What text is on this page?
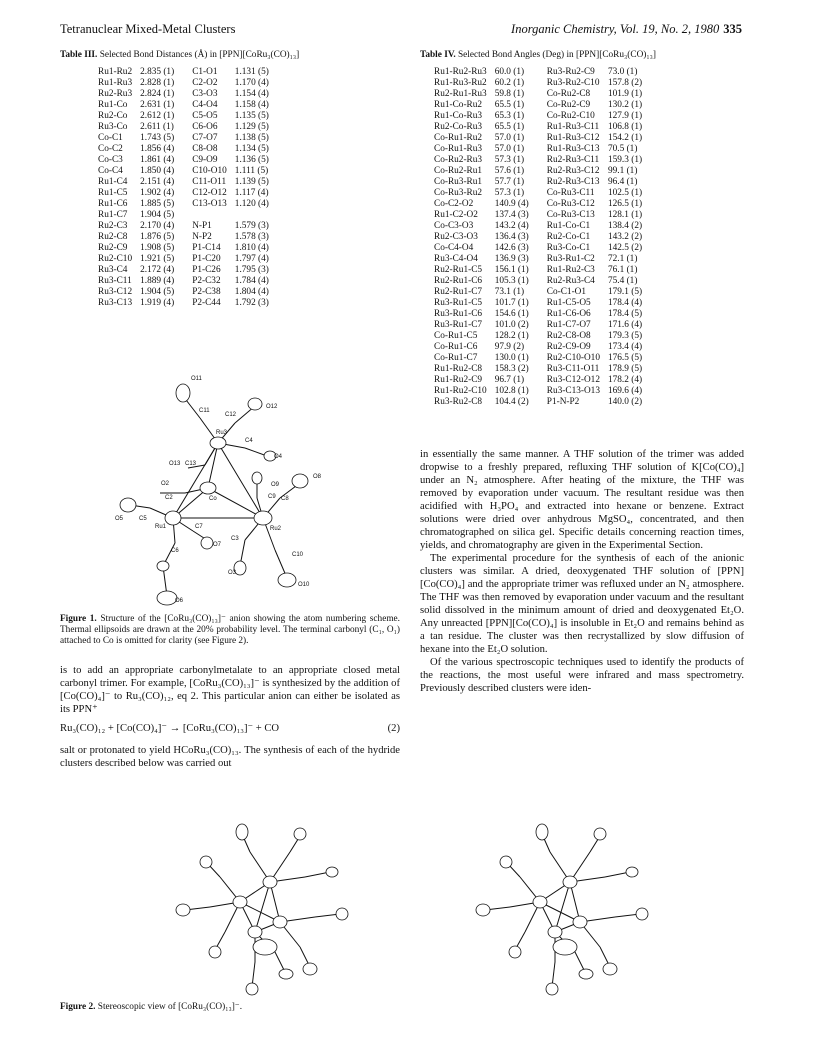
Tetranuclear Mixed-Metal Clusters	Inorganic Chemistry, Vol. 19, No. 2, 1980 335

Table III. Selected Bond Distances (Å) in [PPN][CoRu₃(CO)₁₃]

Ru1-Ru2	2.835 (1)	C1-O1	1.131 (5)
Ru1-Ru3	2.828 (1)	C2-O2	1.170 (4)
Ru2-Ru3	2.824 (1)	C3-O3	1.154 (4)
Ru1-Co	2.631 (1)	C4-O4	1.158 (4)
Ru2-Co	2.612 (1)	C5-O5	1.135 (5)
Ru3-Co	2.611 (1)	C6-O6	1.129 (5)
Co-C1	1.743 (5)	C7-O7	1.138 (5)
Co-C2	1.856 (4)	C8-O8	1.134 (5)
Co-C3	1.861 (4)	C9-O9	1.136 (5)
Co-C4	1.850 (4)	C10-O10	1.111 (5)
Ru1-C4	2.151 (4)	C11-O11	1.139 (5)
Ru1-C5	1.902 (4)	C12-O12	1.117 (4)
Ru1-C6	1.885 (5)	C13-O13	1.120 (4)
Ru1-C7	1.904 (5)		
Ru2-C3	2.170 (4)	N-P1	1.579 (3)
Ru2-C8	1.876 (5)	N-P2	1.578 (3)
Ru2-C9	1.908 (5)	P1-C14	1.810 (4)
Ru2-C10	1.921 (5)	P1-C20	1.797 (4)
Ru3-C4	2.172 (4)	P1-C26	1.795 (3)
Ru3-C11	1.889 (4)	P2-C32	1.784 (4)
Ru3-C12	1.904 (5)	P2-C38	1.804 (4)
Ru3-C13	1.919 (4)	P2-C44	1.792 (3)

Table IV. Selected Bond Angles (Deg) in [PPN][CoRu₃(CO)₁₃]

Ru1-Ru2-Ru3	60.0 (1)	Ru3-Ru2-C9	73.0 (1)
Ru1-Ru3-Ru2	60.2 (1)	Ru3-Ru2-C10	157.8 (2)
Ru2-Ru1-Ru3	59.8 (1)	Co-Ru2-C8	101.9 (1)
Ru1-Co-Ru2	65.5 (1)	Co-Ru2-C9	130.2 (1)
Ru1-Co-Ru3	65.3 (1)	Co-Ru2-C10	127.9 (1)
Ru2-Co-Ru3	65.5 (1)	Ru1-Ru3-C11	106.8 (1)
Co-Ru1-Ru2	57.0 (1)	Ru1-Ru3-C12	154.2 (1)
Co-Ru1-Ru3	57.0 (1)	Ru1-Ru3-C13	70.5 (1)
Co-Ru2-Ru3	57.3 (1)	Ru2-Ru3-C11	159.3 (1)
Co-Ru2-Ru1	57.6 (1)	Ru2-Ru3-C12	99.1 (1)
Co-Ru3-Ru1	57.7 (1)	Ru2-Ru3-C13	96.4 (1)
Co-Ru3-Ru2	57.3 (1)	Co-Ru3-C11	102.5 (1)
Co-C2-O2	140.9 (4)	Co-Ru3-C12	126.5 (1)
Ru1-C2-O2	137.4 (3)	Co-Ru3-C13	128.1 (1)
Co-C3-O3	143.2 (4)	Ru1-Co-C1	138.4 (2)
Ru2-C3-O3	136.4 (3)	Ru2-Co-C1	143.2 (2)
Co-C4-O4	142.6 (3)	Ru3-Co-C1	142.5 (2)
Ru3-C4-O4	136.9 (3)	Ru3-Ru1-C2	72.1 (1)
Ru2-Ru1-C5	156.1 (1)	Ru1-Ru2-C3	76.1 (1)
Ru2-Ru1-C6	105.3 (1)	Ru2-Ru3-C4	75.4 (1)
Ru2-Ru1-C7	73.1 (1)	Co-C1-O1	179.1 (5)
Ru3-Ru1-C5	101.7 (1)	Ru1-C5-O5	178.4 (4)
Ru3-Ru1-C6	154.6 (1)	Ru1-C6-O6	178.4 (5)
Ru3-Ru1-C7	101.0 (2)	Ru1-C7-O7	171.6 (4)
Co-Ru1-C5	128.2 (1)	Ru2-C8-O8	179.3 (5)
Co-Ru1-C6	97.9 (2)	Ru2-C9-O9	173.4 (4)
Co-Ru1-C7	130.0 (1)	Ru2-C10-O10	176.5 (5)
Ru1-Ru2-C8	158.3 (2)	Ru3-C11-O11	178.9 (5)
Ru1-Ru2-C9	96.7 (1)	Ru3-C12-O12	178.2 (4)
Ru1-Ru2-C10	102.8 (1)	Ru3-C13-O13	169.6 (4)
Ru3-Ru2-C8	104.4 (2)	P1-N-P2	140.0 (2)
O11
C11
C12
O12
Ru3
C4
O4
O13 C13
O9
C9 C8
O8
O2
C2	Co
O5	C5
Ru1	Ru2
C7
O7
C3
C10
C6
O3
O10
O6
Figure 1. Structure of the [CoRu₃(CO)₁₃]⁻ anion showing the atom numbering scheme. Thermal ellipsoids are drawn at the 20% probability level. The terminal carbonyl (C₁, O₁) attached to Co is omitted for clarity (see Figure 2).

is to add an appropriate carbonylmetalate to an appropriate closed metal carbonyl trimer. For example, [CoRu₃(CO)₁₃]⁻ is synthesized by the addition of [Co(CO)₄]⁻ to Ru₃(CO)₁₂, eq 2. This particular anion can either be isolated as its PPN⁺

Ru₃(CO)₁₂ + [Co(CO)₄]⁻ → [CoRu₃(CO)₁₃]⁻ + CO	(2)

salt or protonated to yield HCoRu₃(CO)₁₃. The synthesis of each of the hydride clusters described below was carried out

in essentially the same manner. A THF solution of the trimer was added dropwise to a freshly prepared, refluxing THF solution of K[Co(CO)₄] under an N₂ atmosphere. After heating of the mixture, the THF was removed by evaporation under vacuum. The resultant residue was then acidified with H₃PO₄ and extracted into hexane or benzene. Extract solutions were dried over anhydrous MgSO₄, concentrated, and then chromatographed on silica gel. Specific details concerning reaction times, yields, and chromatography are given in the Experimental Section.

The experimental procedure for the synthesis of each of the anionic clusters was similar. A dried, deoxygenated THF solution of [PPN][Co(CO)₄] and the appropriate trimer was refluxed under an N₂ atmosphere. The THF was then removed by evaporation under vacuum and the resultant solid dissolved in the minimum amount of dried and deoxygenated Et₂O. Any unreacted [PPN][Co(CO)₄] is insoluble in Et₂O and remains behind as a tan residue. The cluster was then recrystallized by slow diffusion of hexane into the Et₂O solution.

Of the various spectroscopic techniques used to identify the products of the reactions, the most useful were infrared and mass spectrometry. Previously described clusters were iden-

Figure 2. Stereoscopic view of [CoRu₃(CO)₁₃]⁻.
